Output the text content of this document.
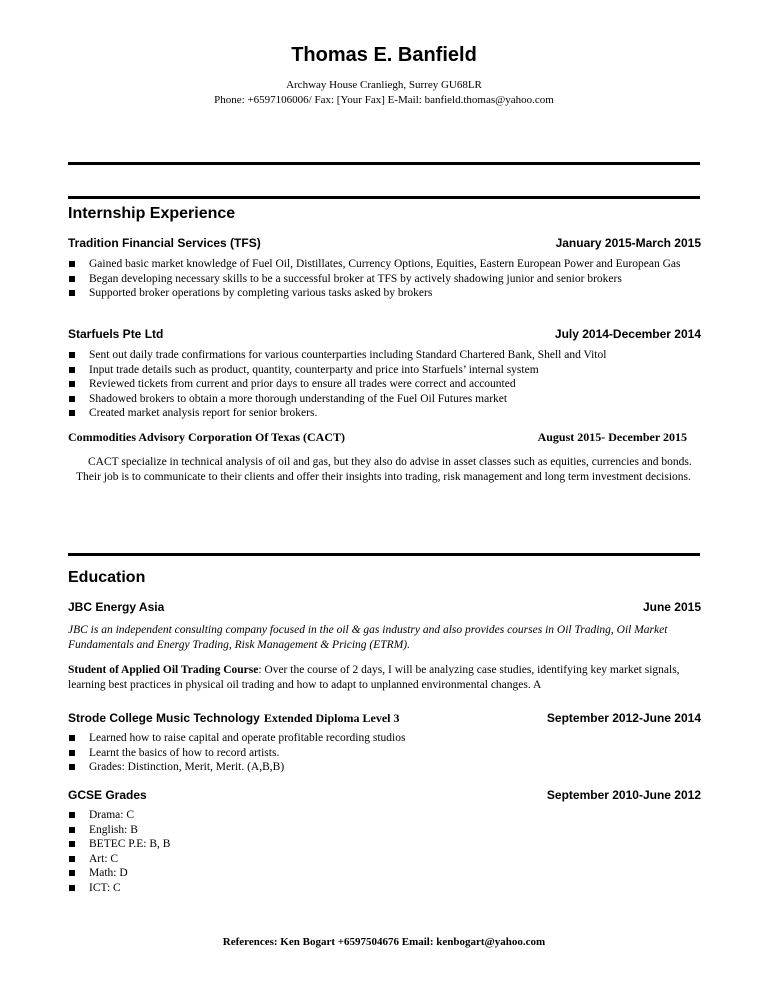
Thomas E. Banfield
Archway House Cranliegh, Surrey GU68LR
Phone: +6597106006/ Fax: [Your Fax] E-Mail: banfield.thomas@yahoo.com
Internship Experience
Tradition Financial Services (TFS)	January 2015-March 2015
Gained basic market knowledge of Fuel Oil, Distillates, Currency Options, Equities, Eastern European Power and European Gas
Began developing necessary skills to be a successful broker at TFS by actively shadowing junior and senior brokers
Supported broker operations by completing various tasks asked by brokers
Starfuels Pte Ltd	July 2014-December 2014
Sent out daily trade confirmations for various counterparties including Standard Chartered Bank, Shell and Vitol
Input trade details such as product, quantity, counterparty and price into Starfuels’ internal system
Reviewed tickets from current and prior days to ensure all trades were correct and accounted
Shadowed brokers to obtain a more thorough understanding of the Fuel Oil Futures market
Created market analysis report for senior brokers.
Commodities Advisory Corporation Of Texas (CACT)	August 2015- December 2015
CACT specialize in technical analysis of oil and gas, but they also do advise in asset classes such as equities, currencies and bonds. Their job is to communicate to their clients and offer their insights into trading, risk management and long term investment decisions.
Education
JBC Energy Asia	June 2015
JBC is an independent consulting company focused in the oil & gas industry and also provides courses in Oil Trading, Oil Market Fundamentals and Energy Trading, Risk Management & Pricing (ETRM).
Student of Applied Oil Trading Course: Over the course of 2 days, I will be analyzing case studies, identifying key market signals, learning best practices in physical oil trading and how to adapt to unplanned environmental changes. A
Strode College Music Technology Extended Diploma Level 3	September 2012-June 2014
Learned how to raise capital and operate profitable recording studios
Learnt the basics of how to record artists.
Grades: Distinction, Merit, Merit. (A,B,B)
GCSE Grades	September 2010-June 2012
Drama: C
English: B
BETEC P.E: B, B
Art: C
Math: D
ICT: C
References: Ken Bogart +6597504676 Email: kenbogart@yahoo.com
